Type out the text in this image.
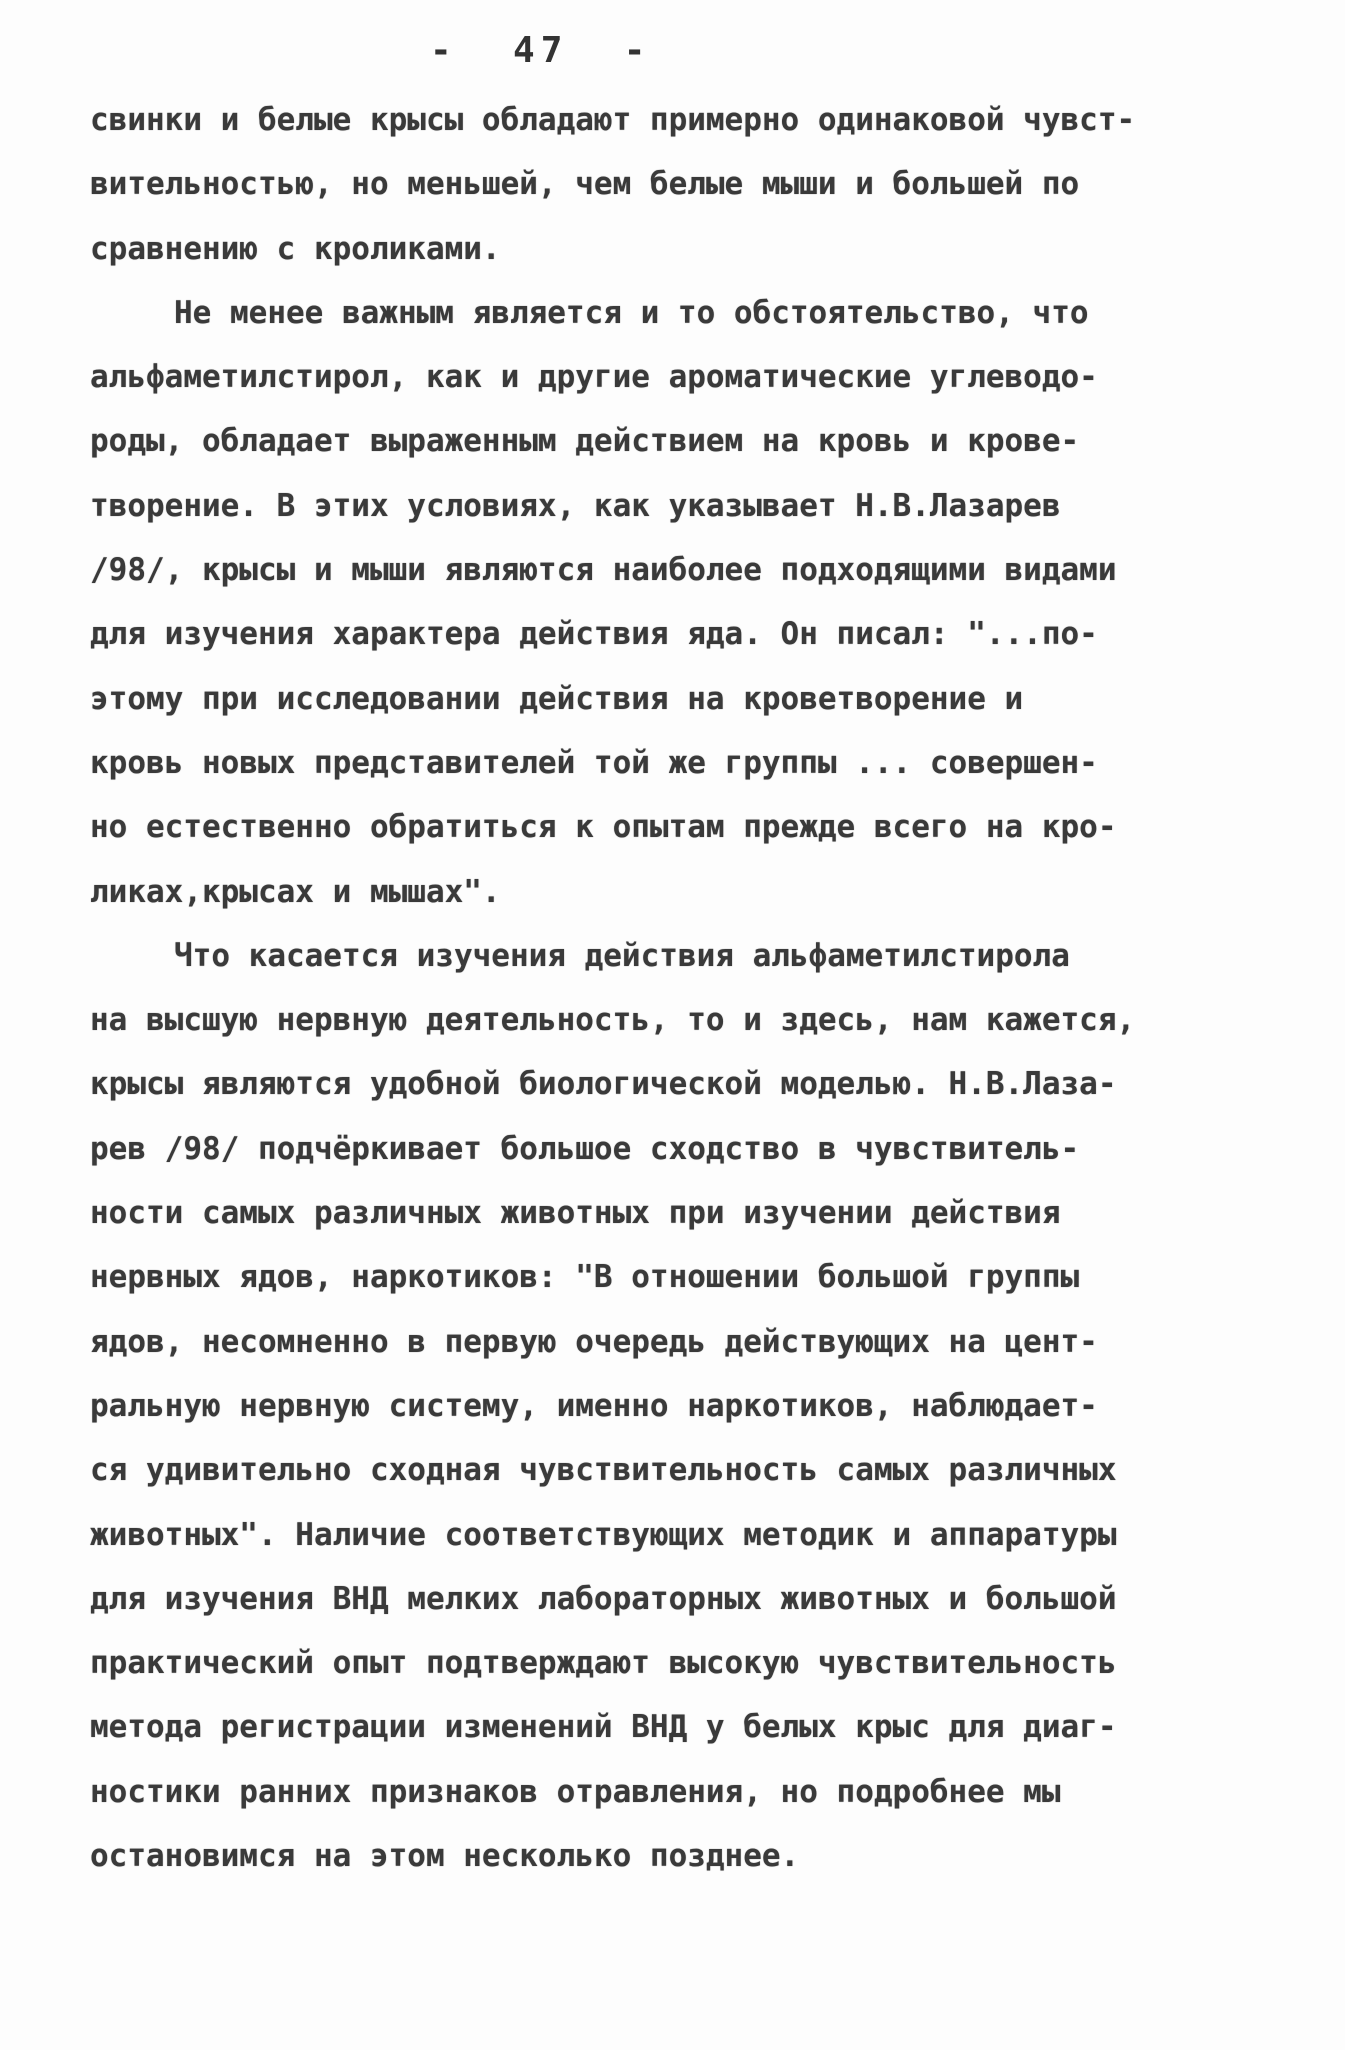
-  47  -
свинки и белые крысы обладают примерно одинаковой чувст-
вительностью, но меньшей, чем белые мыши и большей по
сравнению с кроликами.
Не менее важным является и то обстоятельство, что
альфаметилстирол, как и другие ароматические углеводо-
роды, обладает выраженным действием на кровь и крове-
творение. В этих условиях, как указывает Н.В.Лазарев
/98/, крысы и мыши являются наиболее подходящими видами
для изучения характера действия яда. Он писал: "...по-
этому при исследовании действия на кроветворение и
кровь новых представителей той же группы ... совершен-
но естественно обратиться к опытам прежде всего на кро-
ликах,крысах и мышах".
Что касается изучения действия альфаметилстирола
на высшую нервную деятельность, то и здесь, нам кажется,
крысы являются удобной биологической моделью. Н.В.Лаза-
рев /98/ подчёркивает большое сходство в чувствитель-
ности самых различных животных при изучении действия
нервных ядов, наркотиков: "В отношении большой группы
ядов, несомненно в первую очередь действующих на цент-
ральную нервную систему, именно наркотиков, наблюдает-
ся удивительно сходная чувствительность самых различных
животных". Наличие соответствующих методик и аппаратуры
для изучения ВНД мелких лабораторных животных и большой
практический опыт подтверждают высокую чувствительность
метода регистрации изменений ВНД у белых крыс для диаг-
ностики ранних признаков отравления, но подробнее мы
остановимся на этом несколько позднее.
